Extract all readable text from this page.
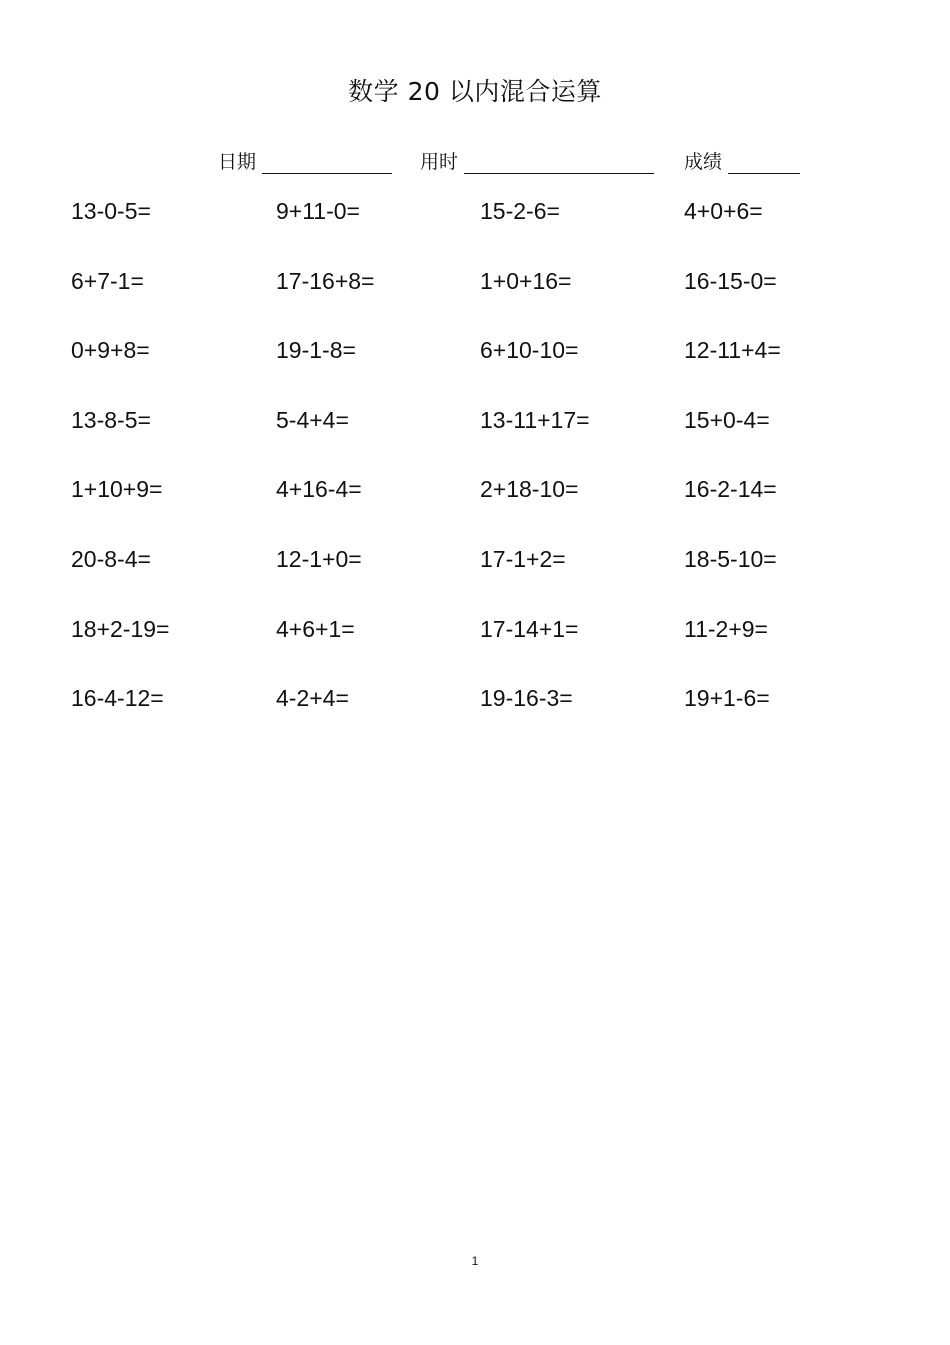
数学 20 以内混合运算
日期	用时	成绩
13-0-5=	9+11-0=	15-2-6=	4+0+6=
6+7-1=	17-16+8=	1+0+16=	16-15-0=
0+9+8=	19-1-8=	6+10-10=	12-11+4=
13-8-5=	5-4+4=	13-11+17=	15+0-4=
1+10+9=	4+16-4=	2+18-10=	16-2-14=
20-8-4=	12-1+0=	17-1+2=	18-5-10=
18+2-19=	4+6+1=	17-14+1=	11-2+9=
16-4-12=	4-2+4=	19-16-3=	19+1-6=
1
